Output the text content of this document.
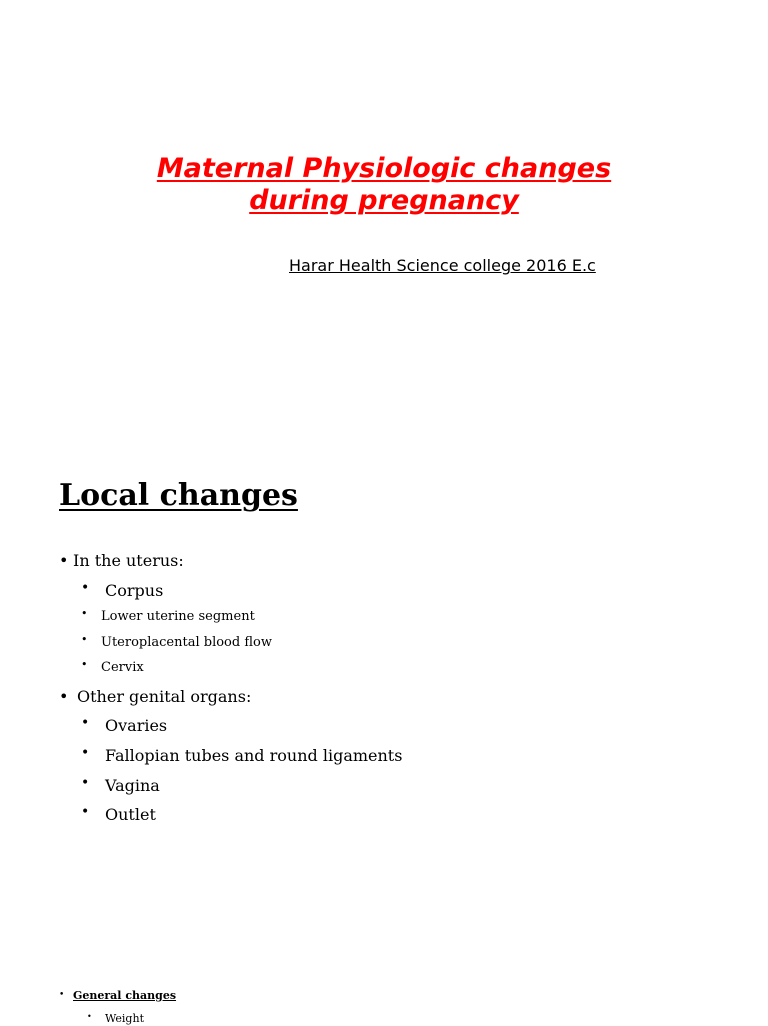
Maternal Physiologic changes
during pregnancy

Harar Health Science college 2016 E.c

Local changes
• In the uterus:
• Corpus
• Lower uterine segment
• Uteroplacental blood flow
• Cervix
• Other genital organs:
• Ovaries
• Fallopian tubes and round ligaments
• Vagina
• Outlet
• General changes
• Weight
